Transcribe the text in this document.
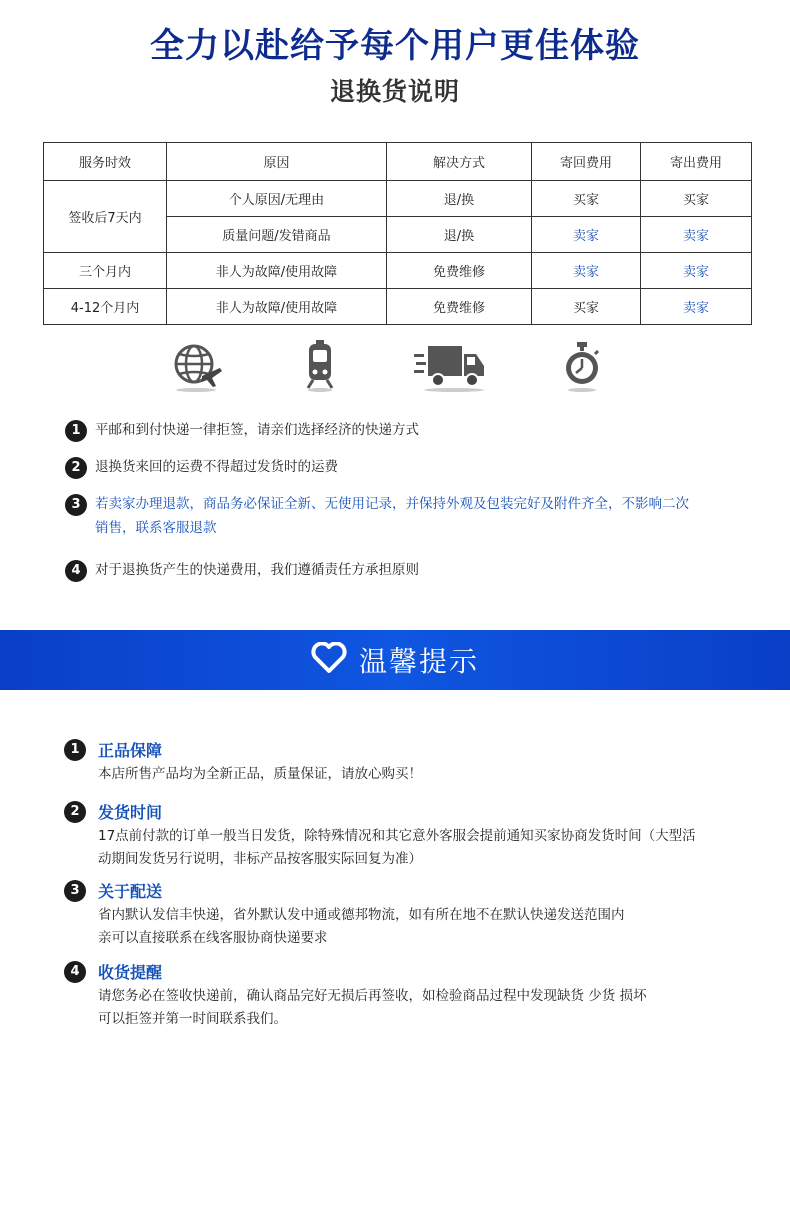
全力以赴给予每个用户更佳体验
退换货说明
服务时效	原因	解决方式	寄回费用	寄出费用
签收后7天内	个人原因/无理由	退/换	买家	买家
	质量问题/发错商品	退/换	卖家	卖家
三个月内	非人为故障/使用故障	免费维修	卖家	卖家
4-12个月内	非人为故障/使用故障	免费维修	买家	卖家
1	平邮和到付快递一律拒签，请亲们选择经济的快递方式
2	退换货来回的运费不得超过发货时的运费
3	若卖家办理退款，商品务必保证全新、无使用记录，并保持外观及包装完好及附件齐全，不影响二次
销售，联系客服退款
4	对于退换货产生的快递费用，我们遵循责任方承担原则
温馨提示
1	正品保障
本店所售产品均为全新正品，质量保证，请放心购买！
2	发货时间
17点前付款的订单一般当日发货，除特殊情况和其它意外客服会提前通知买家协商发货时间（大型活
动期间发货另行说明，非标产品按客服实际回复为准）
3	关于配送
省内默认发信丰快递，省外默认发中通或德邦物流，如有所在地不在默认快递发送范围内
亲可以直接联系在线客服协商快递要求
4	收货提醒
请您务必在签收快递前，确认商品完好无损后再签收，如检验商品过程中发现缺货 少货 损坏
可以拒签并第一时间联系我们。
